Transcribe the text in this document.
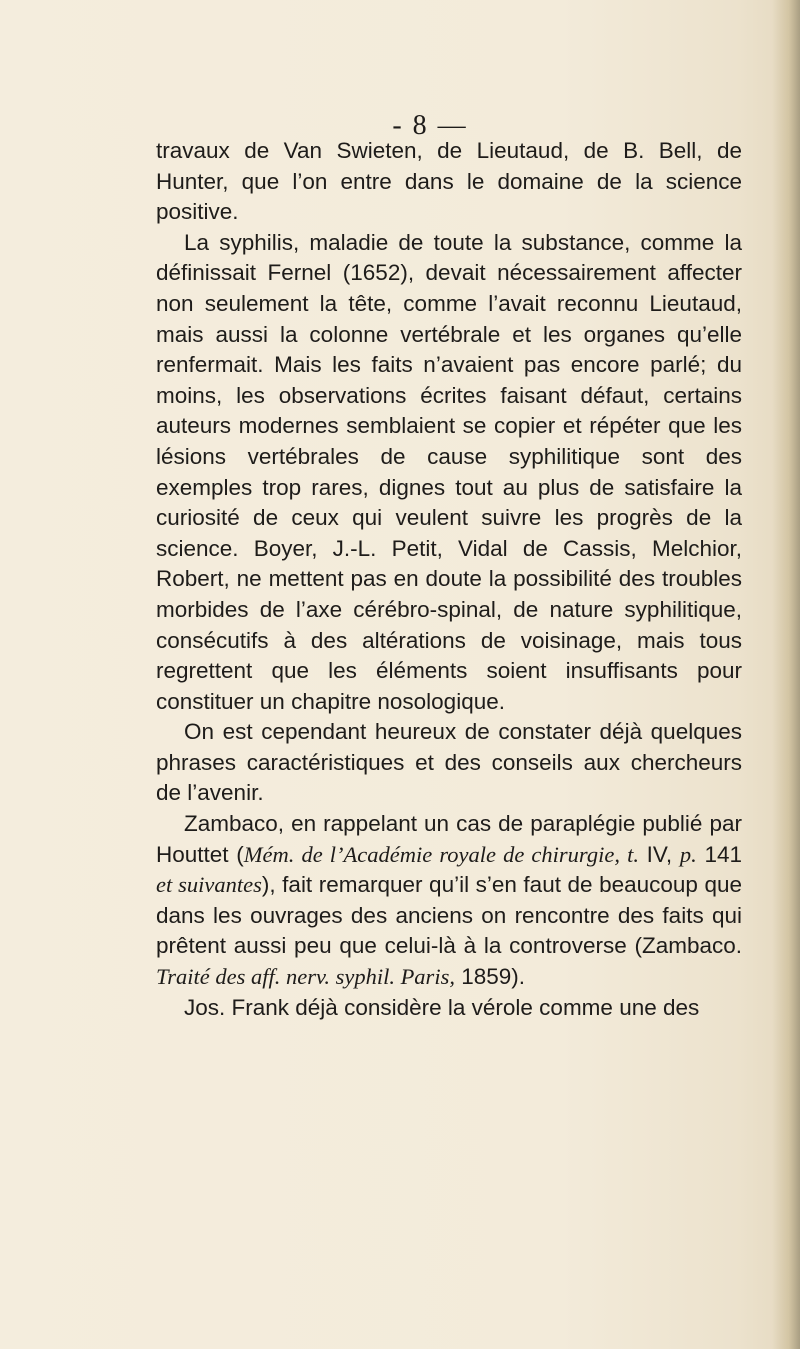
- 8 —

travaux de Van Swieten, de Lieutaud, de B. Bell, de Hunter, que l’on entre dans le domaine de la science positive.

La syphilis, maladie de toute la substance, comme la définissait Fernel (1652), devait nécessairement affecter non seulement la tête, comme l’avait reconnu Lieutaud, mais aussi la colonne vertébrale et les organes qu’elle renfermait. Mais les faits n’avaient pas encore parlé; du moins, les observations écrites faisant défaut, certains auteurs modernes semblaient se copier et répéter que les lésions vertébrales de cause syphilitique sont des exemples trop rares, dignes tout au plus de satisfaire la curiosité de ceux qui veulent suivre les progrès de la science. Boyer, J.-L. Petit, Vidal de Cassis, Melchior, Robert, ne mettent pas en doute la possibilité des troubles morbides de l’axe cérébro-spinal, de nature syphilitique, consécutifs à des altérations de voisinage, mais tous regrettent que les éléments soient insuffisants pour constituer un chapitre nosologique.

On est cependant heureux de constater déjà quelques phrases caractéristiques et des conseils aux chercheurs de l’avenir.

Zambaco, en rappelant un cas de paraplégie publié par Houttet (Mém. de l’Académie royale de chirurgie, t. IV, p. 141 et suivantes), fait remarquer qu’il s’en faut de beaucoup que dans les ouvrages des anciens on rencontre des faits qui prêtent aussi peu que celui-là à la controverse (Zambaco. Traité des aff. nerv. syphil. Paris, 1859).

Jos. Frank déjà considère la vérole comme une des
